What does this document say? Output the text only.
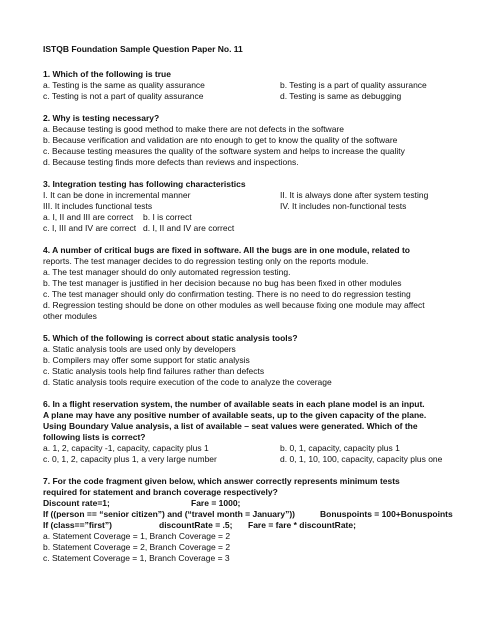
ISTQB Foundation Sample Question Paper No. 11
1. Which of the following is true
a. Testing is the same as quality assurance	b. Testing is a part of quality assurance
c. Testing is not a part of quality assurance	d. Testing is same as debugging
2. Why is testing necessary?
a. Because testing is good method to make there are not defects in the software
b. Because verification and validation are nto enough to get to know the quality of the software
c. Because testing measures the quality of the software system and helps to increase the quality
d. Because testing finds more defects than reviews and inspections.
3. Integration testing has following characteristics
I. It can be done in incremental manner	II. It is always done after system testing
III. It includes functional tests	IV. It includes non-functional tests
a. I, II and III are correct	b. I is correct
c. I, III and IV are correct d. I, II and IV are correct
4. A number of critical bugs are fixed in software. All the bugs are in one module, related to
reports. The test manager decides to do regression testing only on the reports module.
a. The test manager should do only automated regression testing.
b. The test manager is justified in her decision because no bug has been fixed in other modules
c. The test manager should only do confirmation testing. There is no need to do regression testing
d. Regression testing should be done on other modules as well because fixing one module may affect
other modules
5. Which of the following is correct about static analysis tools?
a. Static analysis tools are used only by developers
b. Compilers may offer some support for static analysis
c. Static analysis tools help find failures rather than defects
d. Static analysis tools require execution of the code to analyze the coverage
6. In a flight reservation system, the number of available seats in each plane model is an input.
A plane may have any positive number of available seats, up to the given capacity of the plane.
Using Boundary Value analysis, a list of available – seat values were generated. Which of the
following lists is correct?
a. 1, 2, capacity -1, capacity, capacity plus 1	b. 0, 1, capacity, capacity plus 1
c. 0, 1, 2, capacity plus 1, a very large number	d. 0, 1, 10, 100, capacity, capacity plus one
7. For the code fragment given below, which answer correctly represents minimum tests
required for statement and branch coverage respectively?
Discount rate=1;	Fare = 1000;
If ((person == “senior citizen”) and (“travel month = January”))	Bonuspoints = 100+Bonuspoints
If (class==”first”)	discountRate = .5; Fare = fare * discountRate;
a. Statement Coverage = 1, Branch Coverage = 2
b. Statement Coverage = 2, Branch Coverage = 2
c. Statement Coverage = 1, Branch Coverage = 3
